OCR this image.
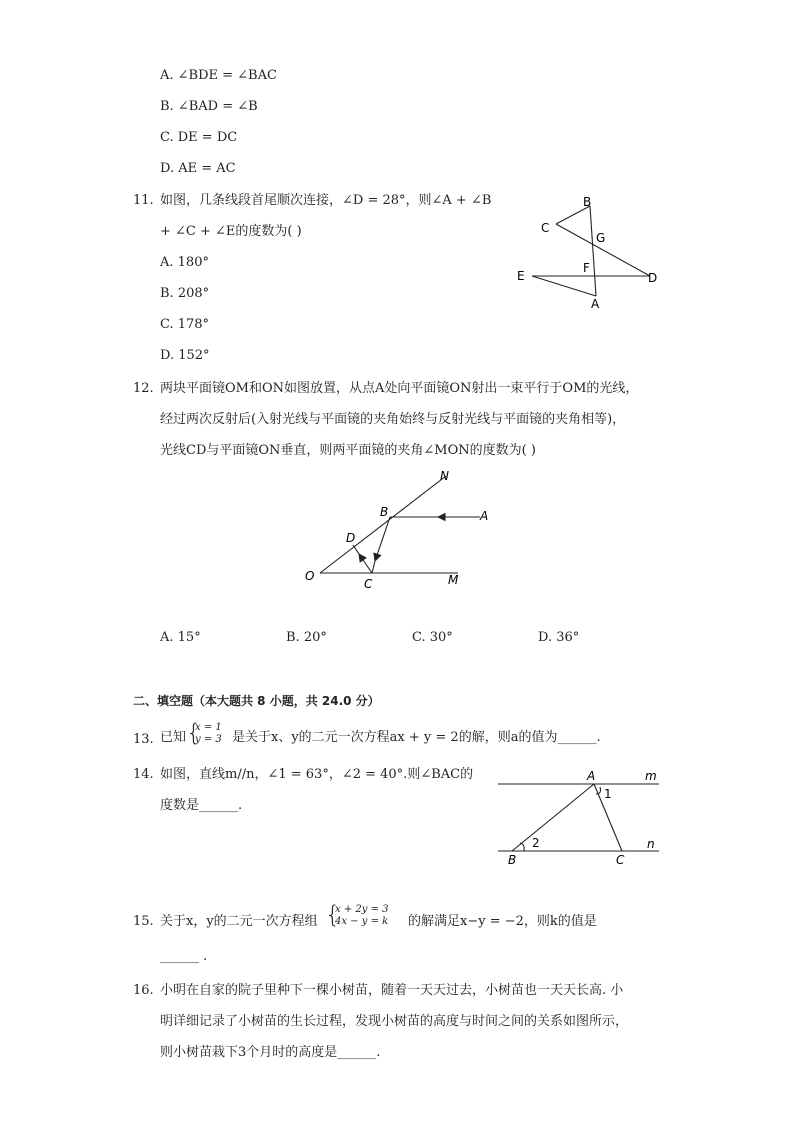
A. ∠BDE = ∠BAC
B. ∠BAD = ∠B
C. DE = DC
D. AE = AC
11. 如图，几条线段首尾顺次连接，∠D = 28°，则∠A + ∠B
+ ∠C + ∠E的度数为( )
A. 180°
B. 208°
C. 178°
D. 152°
B
C
G
E
F
D
A
12. 两块平面镜OM和ON如图放置，从点A处向平面镜ON射出一束平行于OM的光线，
经过两次反射后(入射光线与平面镜的夹角始终与反射光线与平面镜的夹角相等)，
光线CD与平面镜ON垂直，则两平面镜的夹角∠MON的度数为( )
N
B	A
D
O
C	M
A. 15°	B. 20°	C. 30°	D. 36°
二、填空题（本大题共 8 小题，共 24.0 分）
13. 已知 {
x = 1
y = 3 是关于x、y的二元一次方程ax + y = 2的解，则a的值为______.
14. 如图，直线m//n，∠1 = 63°，∠2 = 40°.则∠BAC的
度数是______.
A	m
1
2	n
B	C
15. 关于x，y的二元一次方程组 {
x + 2y = 3
4x − y = k 的解满足x−y = −2，则k的值是
______ .
16. 小明在自家的院子里种下一棵小树苗，随着一天天过去，小树苗也一天天长高. 小
明详细记录了小树苗的生长过程，发现小树苗的高度与时间之间的关系如图所示，
则小树苗栽下3个月时的高度是______.
